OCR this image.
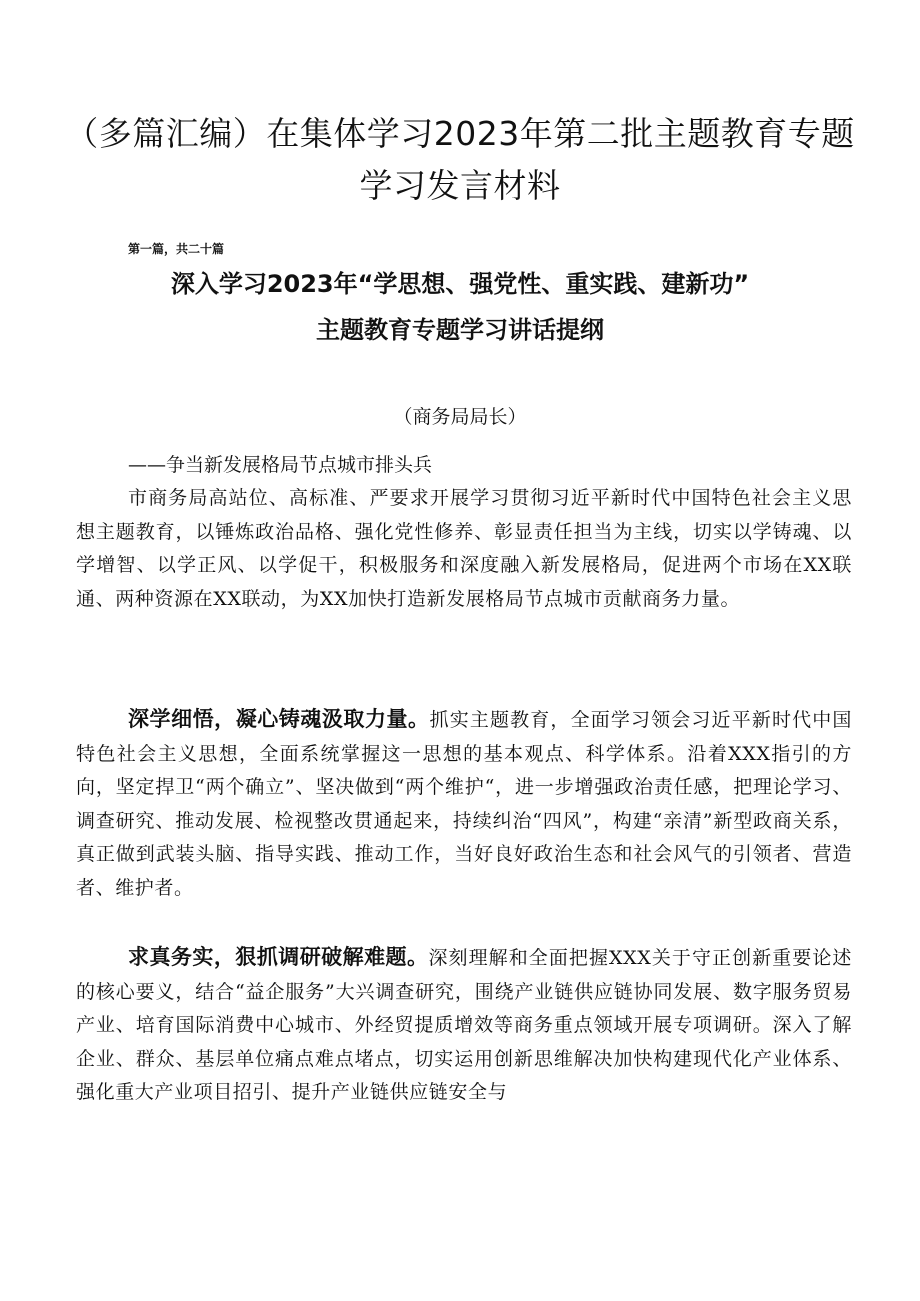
（多篇汇编）在集体学习2023年第二批主题教育专题
学习发言材料
第一篇，共二十篇
深入学习2023年“学思想、强党性、重实践、建新功”
主题教育专题学习讲话提纲
（商务局局长）
——争当新发展格局节点城市排头兵

市商务局高站位、高标准、严要求开展学习贯彻习近平新时代中国特色社会主义思想主题教育，以锤炼政治品格、强化党性修养、彰显责任担当为主线，切实以学铸魂、以学增智、以学正风、以学促干，积极服务和深度融入新发展格局，促进两个市场在XX联通、两种资源在XX联动，为XX加快打造新发展格局节点城市贡献商务力量。

深学细悟，凝心铸魂汲取力量。抓实主题教育，全面学习领会习近平新时代中国特色社会主义思想，全面系统掌握这一思想的基本观点、科学体系。沿着XXX指引的方向，坚定捍卫“两个确立”、坚决做到“两个维护“，进一步增强政治责任感，把理论学习、调查研究、推动发展、检视整改贯通起来，持续纠治“四风”，构建“亲清”新型政商关系，真正做到武装头脑、指导实践、推动工作，当好良好政治生态和社会风气的引领者、营造者、维护者。

求真务实，狠抓调研破解难题。深刻理解和全面把握XXX关于守正创新重要论述的核心要义，结合“益企服务”大兴调查研究，围绕产业链供应链协同发展、数字服务贸易产业、培育国际消费中心城市、外经贸提质增效等商务重点领域开展专项调研。深入了解企业、群众、基层单位痛点难点堵点，切实运用创新思维解决加快构建现代化产业体系、强化重大产业项目招引、提升产业链供应链安全与
